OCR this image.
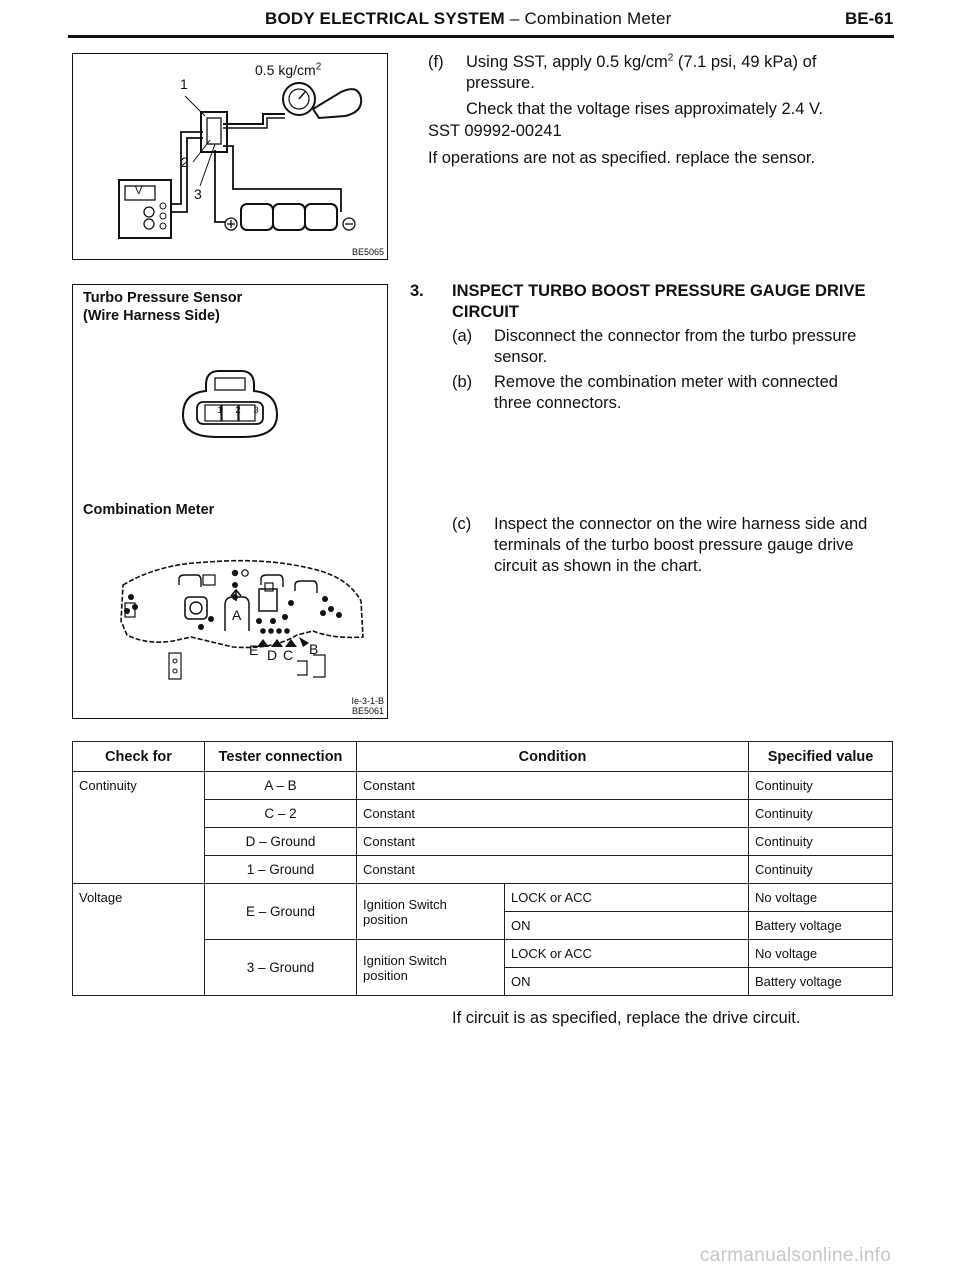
BODY ELECTRICAL SYSTEM – Combination Meter	BE-61
0.5 $kg/cm^2$
1
2
3
V
BE5065
Turbo Pressure Sensor
(Wire Harness Side)
1 2 3
Combination Meter
A
E D C B
Ie-3-1-B
BE5061
(f) Using SST, apply 0.5 $kg/cm^2$ (7.1 psi, 49 kPa) of
pressure.
Check that the voltage rises approximately 2.4 V.
SST 09992-00241
If operations are not as specified. replace the sensor.
3. INSPECT TURBO BOOST PRESSURE GAUGE DRIVE
CIRCUIT
(a) Disconnect the connector from the turbo pressure
sensor.
(b) Remove the combination meter with connected
three connectors.
(c) Inspect the connector on the wire harness side and
terminals of the turbo boost pressure gauge drive
circuit as shown in the chart.
Check for	Tester connection	Condition		Specified value
Continuity	A – B	Constant		Continuity
	C – 2	Constant		Continuity
	D – Ground	Constant		Continuity
	1 – Ground	Constant		Continuity
Voltage	E – Ground	Ignition Switch
position	LOCK or ACC	No voltage
			ON	Battery voltage
	3 – Ground	Ignition Switch
position	LOCK or ACC	No voltage
			ON	Battery voltage
If circuit is as specified, replace the drive circuit.
carmanualsonline.info
